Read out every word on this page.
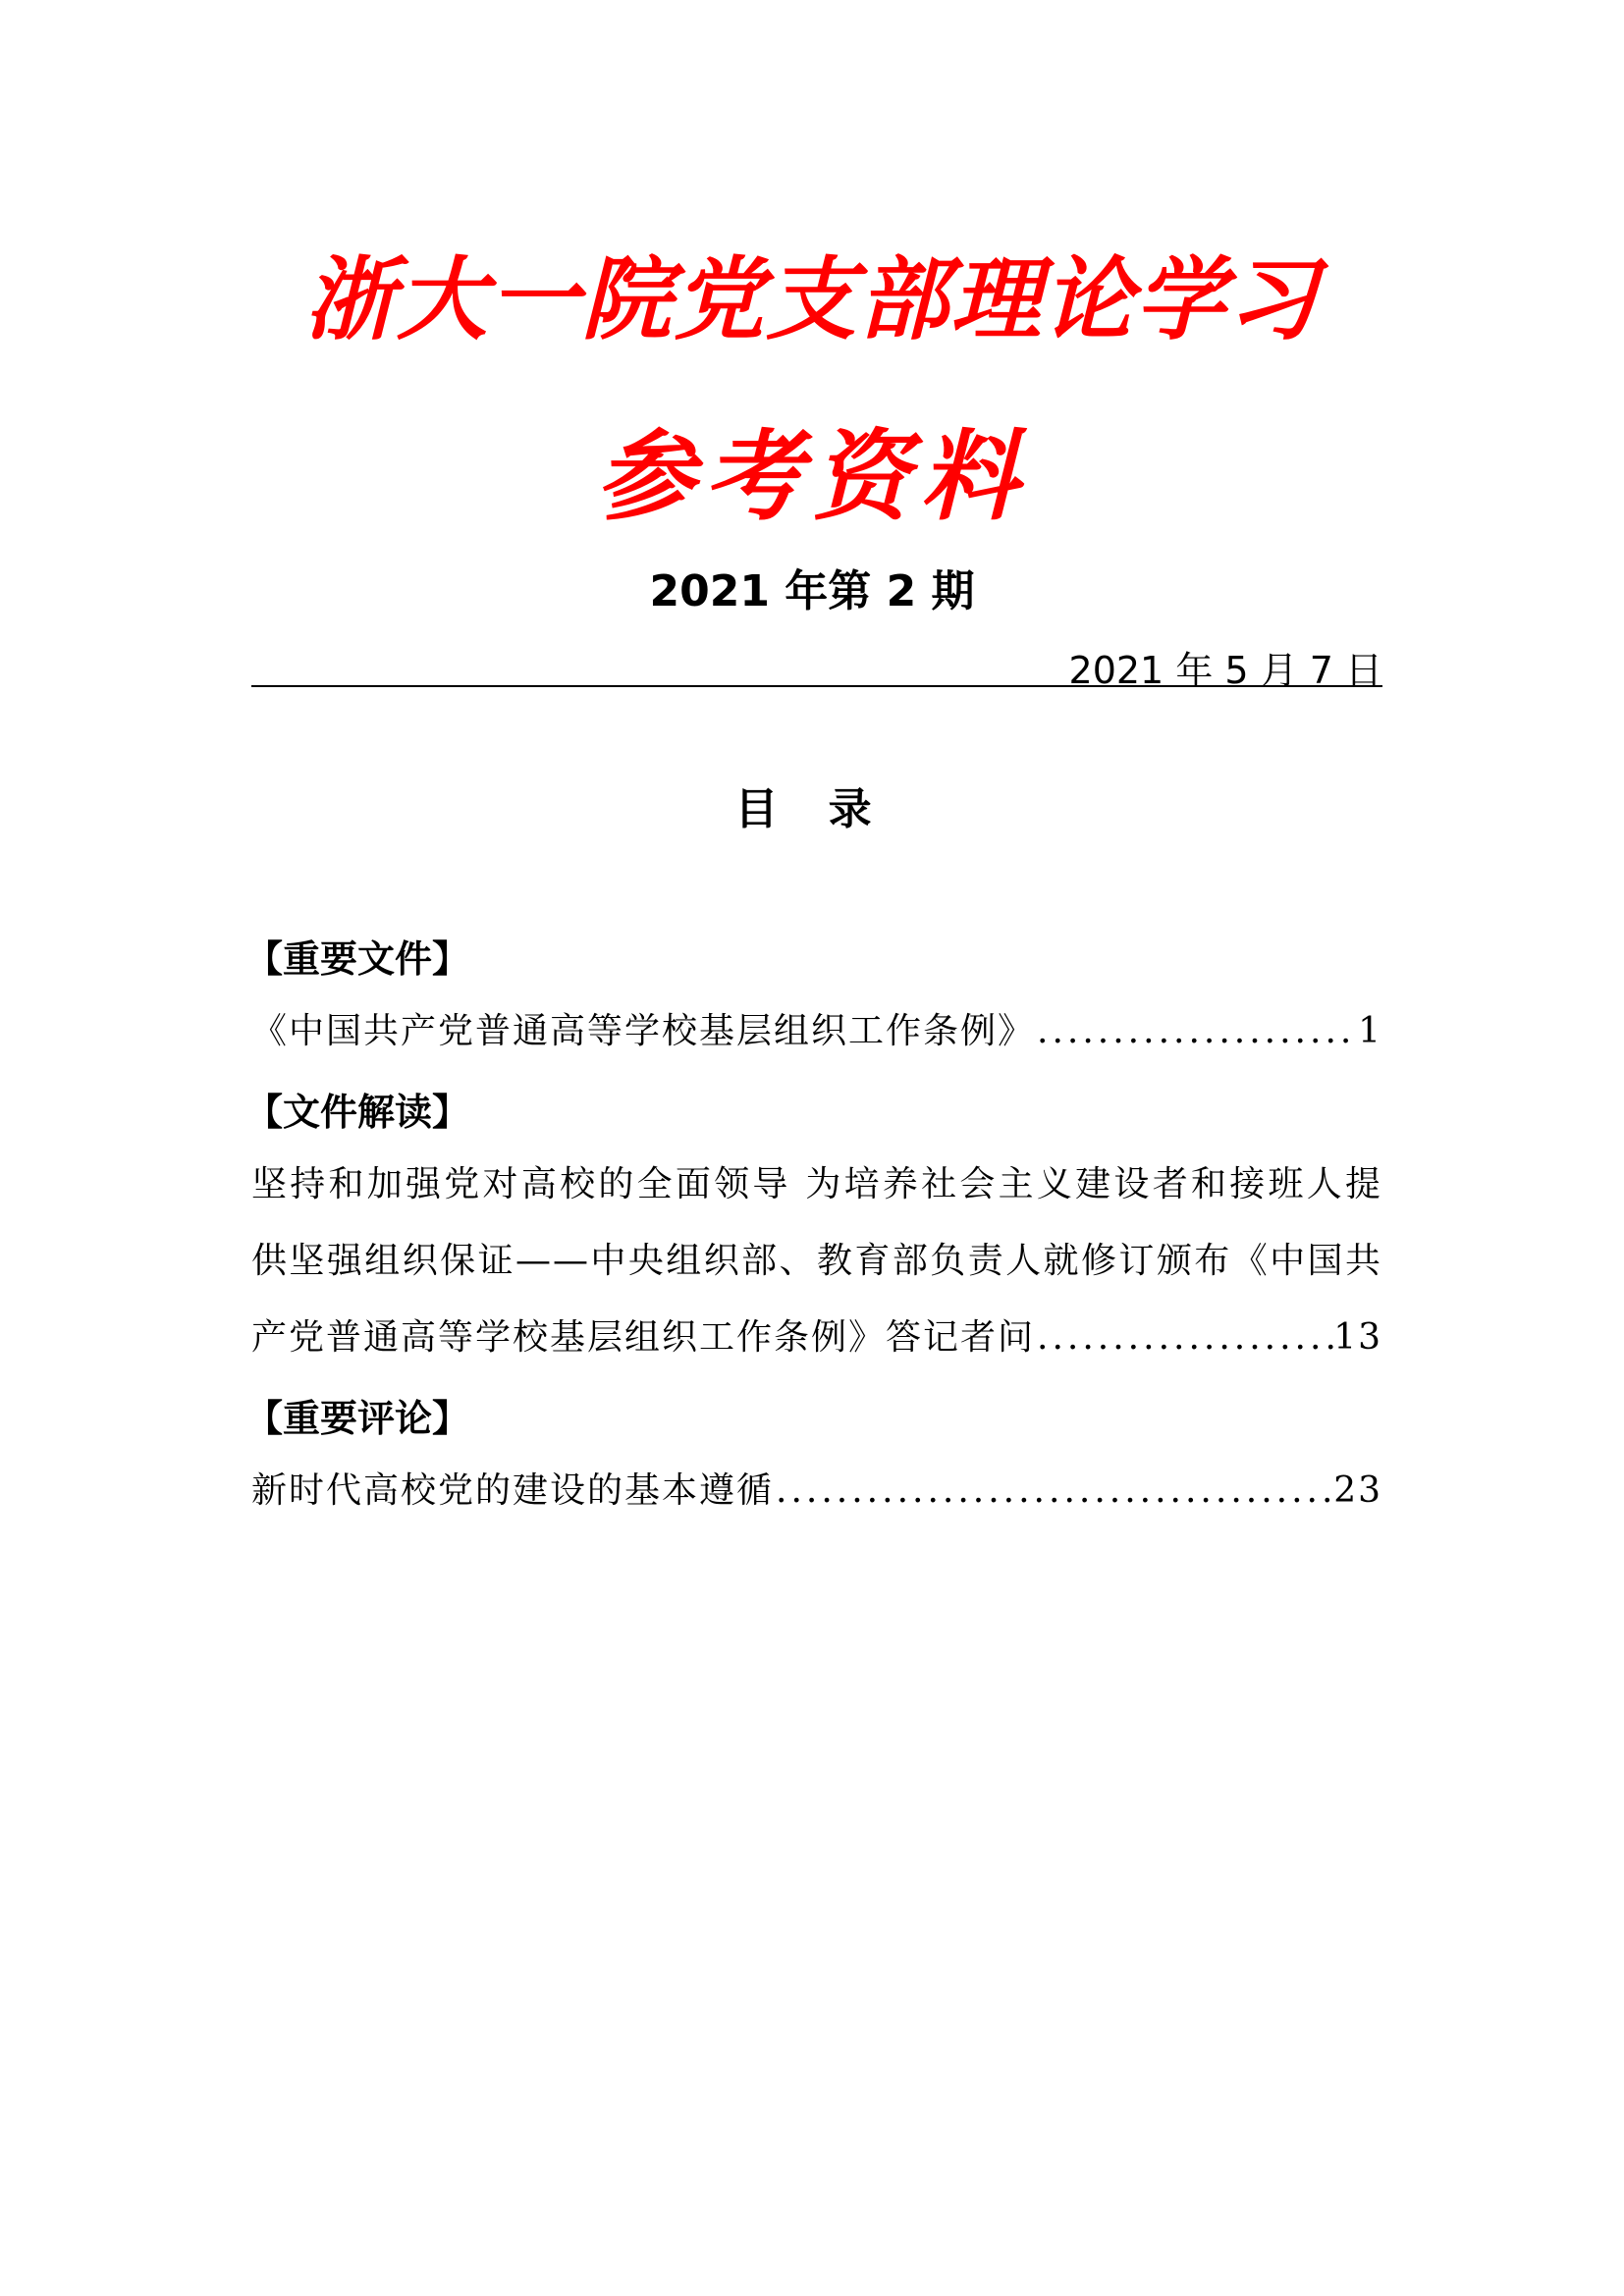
浙大一院党支部理论学习
参考资料
2021 年第 2 期
2021 年 5 月 7 日
目 录
【重要文件】
《中国共产党普通高等学校基层组织工作条例》 .....	1
【文件解读】
坚持和加强党对高校的全面领导 为培养社会主义建设者和接班人提
供坚强组织保证——中央组织部、教育部负责人就修订颁布《中国共
产党普通高等学校基层组织工作条例》答记者问 .....	13
【重要评论】
新时代高校党的建设的基本遵循 .....	23
